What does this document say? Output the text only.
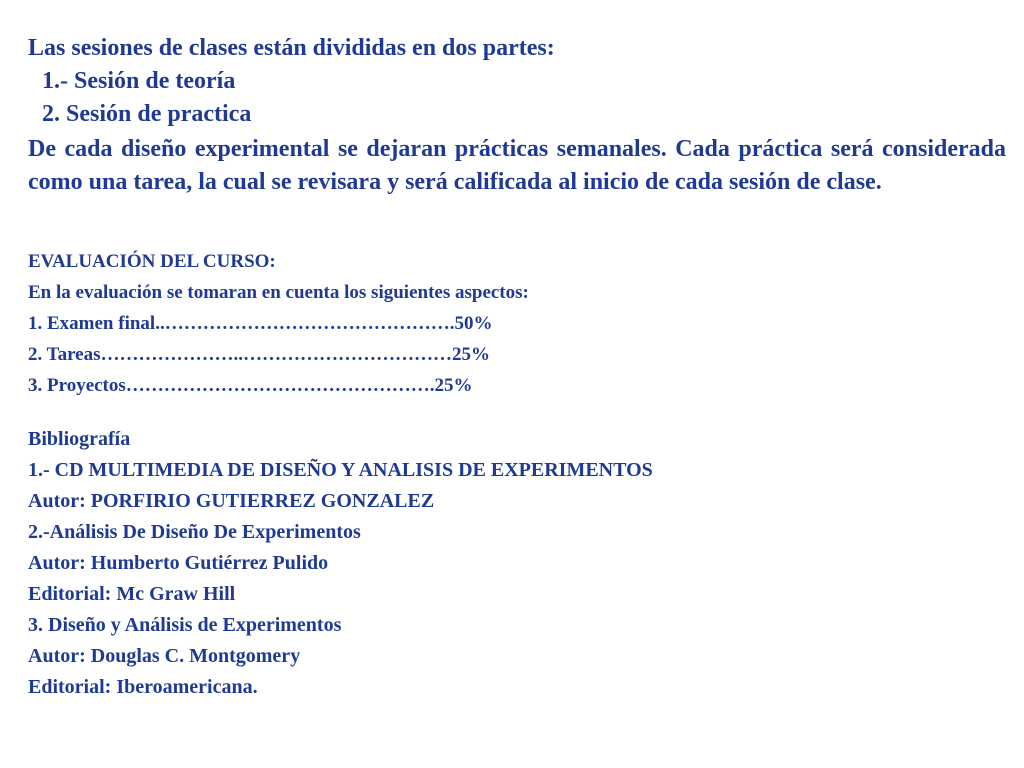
Las sesiones de clases están divididas en dos partes:
1.- Sesión de teoría
2. Sesión de practica
De cada diseño experimental se dejaran prácticas semanales. Cada práctica será considerada como una tarea, la cual se revisara y será calificada al inicio de cada sesión de clase.
EVALUACIÓN DEL CURSO:
En la evaluación se tomaran en cuenta los siguientes aspectos:
1. Examen final..……………………………………….50%
2. Tareas…………………..……………………………25%
3. Proyectos………………………………………….25%
Bibliografía
1.- CD MULTIMEDIA DE DISEÑO Y ANALISIS DE EXPERIMENTOS
Autor: PORFIRIO GUTIERREZ GONZALEZ
2.-Análisis De Diseño De Experimentos
Autor: Humberto Gutiérrez Pulido
Editorial: Mc Graw Hill
3. Diseño y Análisis de Experimentos
Autor: Douglas C. Montgomery
Editorial: Iberoamericana.
